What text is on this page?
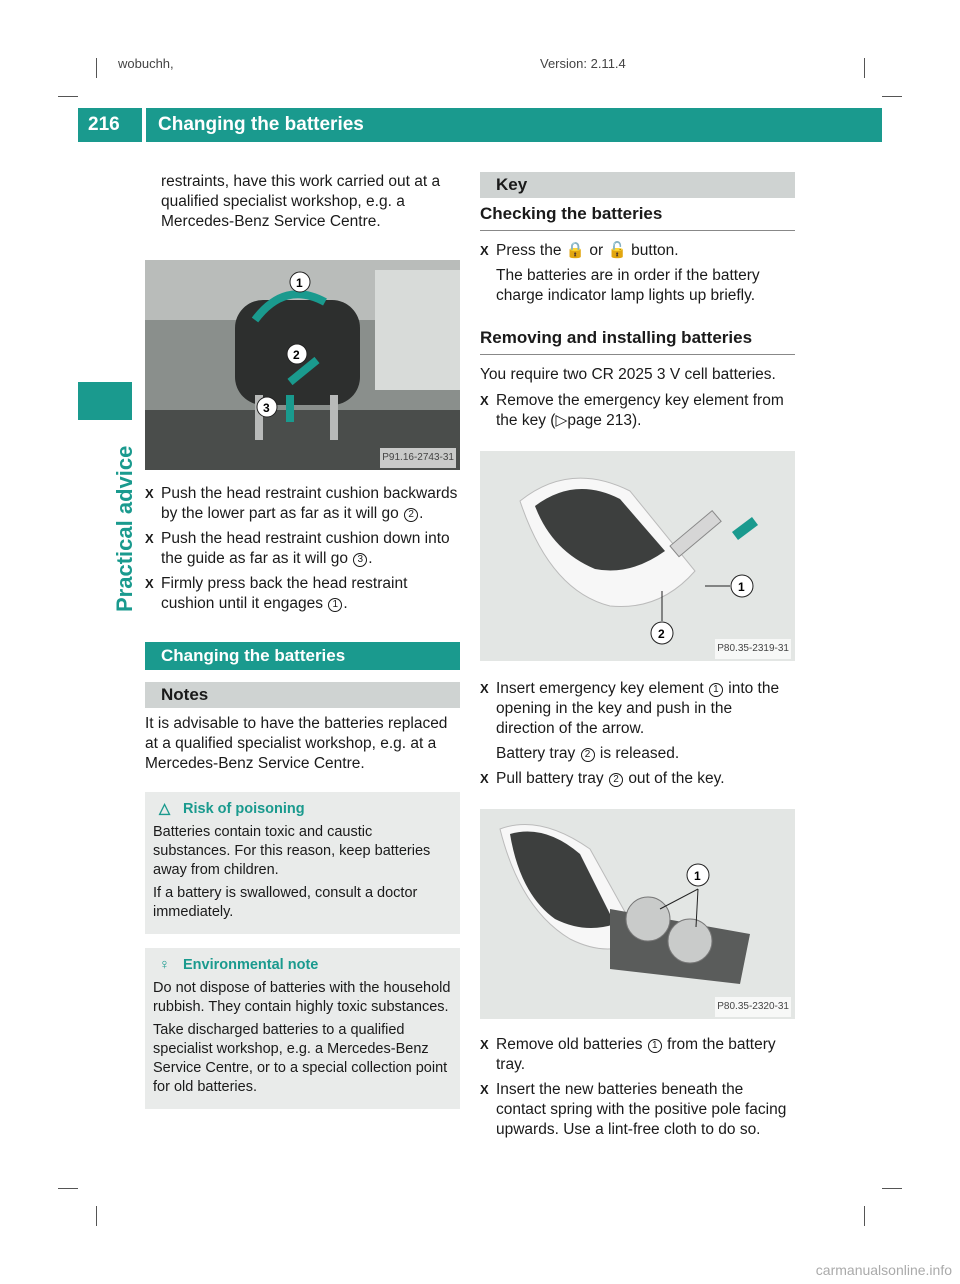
wobuchh,	Version: 2.11.4
216	Changing the batteries
Practical advice

restraints, have this work carried out at a qualified specialist workshop, e.g. a Mercedes-Benz Service Centre.

1
2
3
P91.16-2743-31
X Push the head restraint cushion backwards by the lower part as far as it will go 2 .
X Push the head restraint cushion down into the guide as far as it will go 3 .
X Firmly press back the head restraint cushion until it engages 1 .
Changing the batteries
Notes

It is advisable to have the batteries replaced at a qualified specialist workshop, e.g. at a Mercedes-Benz Service Centre.

△ Risk of poisoning

Batteries contain toxic and caustic substances. For this reason, keep batteries away from children.

If a battery is swallowed, consult a doctor immediately.

♀ Environmental note

Do not dispose of batteries with the household rubbish. They contain highly toxic substances.

Take discharged batteries to a qualified specialist workshop, e.g. a Mercedes-Benz Service Centre, or to a special collection point for old batteries.

Key
Checking the batteries
X Press the 🔒 or 🔓 button.

The batteries are in order if the battery charge indicator lamp lights up briefly.

Removing and installing batteries

You require two CR 2025 3 V cell batteries.

X Remove the emergency key element from the key (▷page 213).
1
2
P80.35-2319-31
X Insert emergency key element 1 into the opening in the key and push in the direction of the arrow.

Battery tray 2 is released.

X Pull battery tray 2 out of the key.
1
P80.35-2320-31
X Remove old batteries 1 from the battery tray.
X Insert the new batteries beneath the contact spring with the positive pole facing upwards. Use a lint-free cloth to do so.
carmanualsonline.info
